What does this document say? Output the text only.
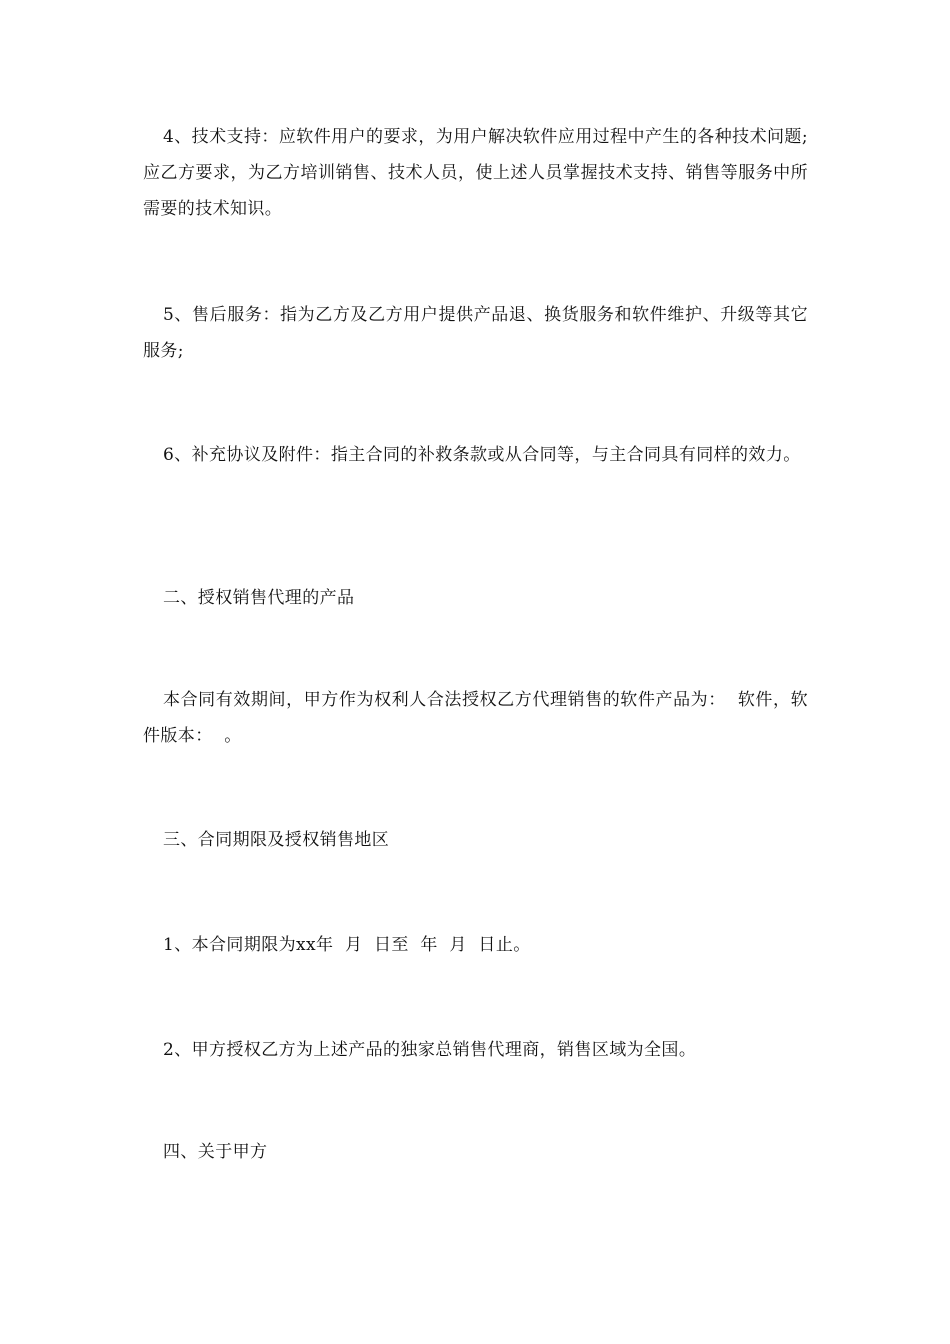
4、技术支持：应软件用户的要求，为用户解决软件应用过程中产生的各种技术问题;应乙方要求，为乙方培训销售、技术人员，使上述人员掌握技术支持、销售等服务中所需要的技术知识。

5、售后服务：指为乙方及乙方用户提供产品退、换货服务和软件维护、升级等其它服务;

6、补充协议及附件：指主合同的补救条款或从合同等，与主合同具有同样的效力。

二、授权销售代理的产品

本合同有效期间，甲方作为权利人合法授权乙方代理销售的软件产品为：  软件，软件版本：  。

三、合同期限及授权销售地区

1、本合同期限为xx年  月  日至  年  月  日止。

2、甲方授权乙方为上述产品的独家总销售代理商，销售区域为全国。

四、关于甲方
